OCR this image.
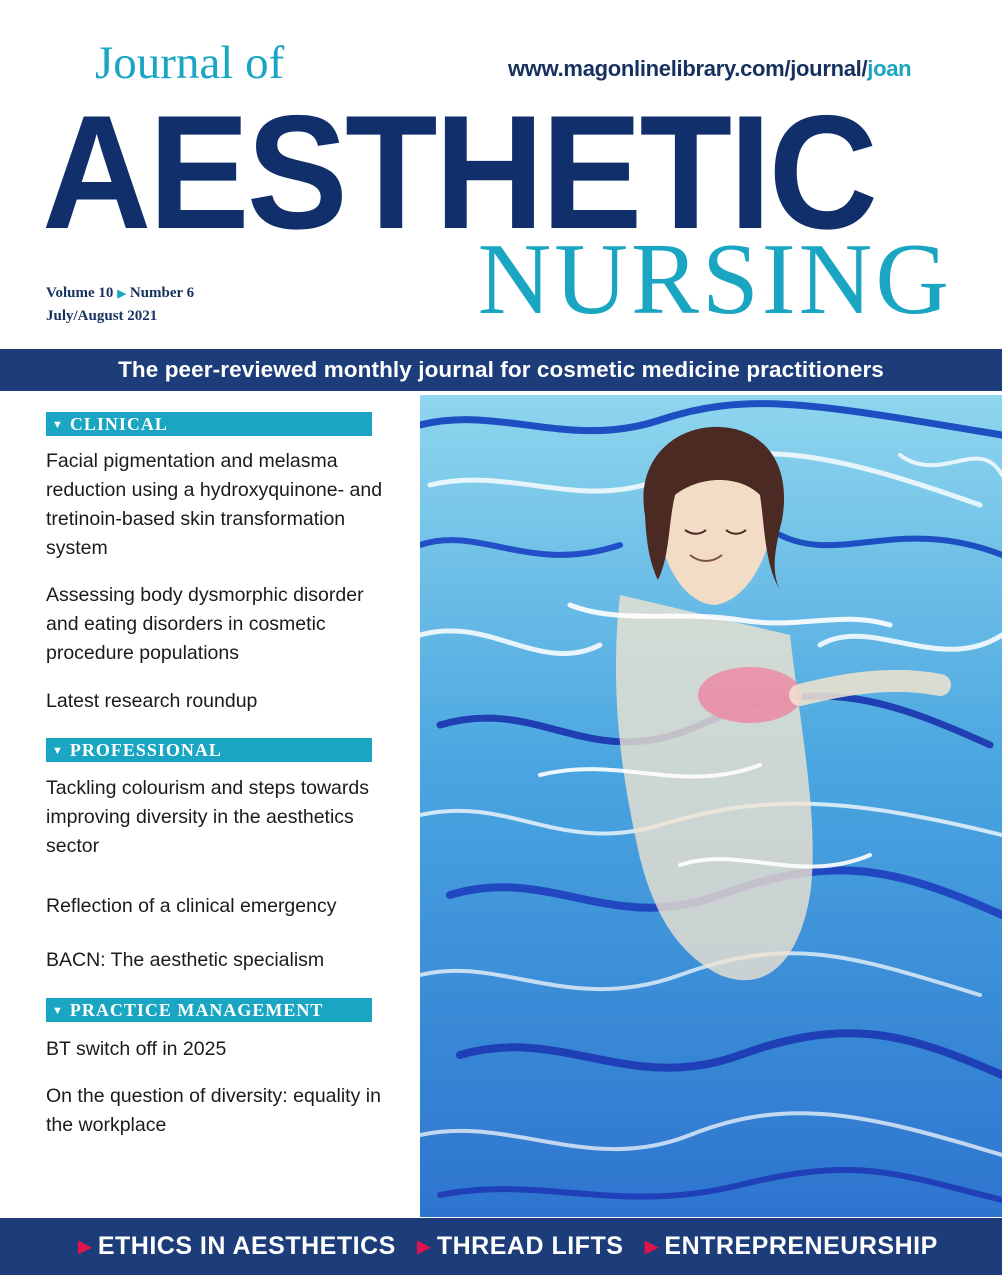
Journal of	www.magonlinelibrary.com/journal/joan
AESTHETIC
NURSING
Volume 10 ▶ Number 6
July/August 2021
The peer-reviewed monthly journal for cosmetic medicine practitioners
▼ CLINICAL
Facial pigmentation and melasma reduction using a hydroxyquinone- and tretinoin-based skin transformation system
Assessing body dysmorphic disorder and eating disorders in cosmetic procedure populations
Latest research roundup
▼ PROFESSIONAL
Tackling colourism and steps towards improving diversity in the aesthetics sector
Reflection of a clinical emergency
BACN: The aesthetic specialism
▼ PRACTICE MANAGEMENT
BT switch off in 2025
On the question of diversity: equality in the workplace
▶ ETHICS IN AESTHETICS ▶ THREAD LIFTS ▶ ENTREPRENEURSHIP
